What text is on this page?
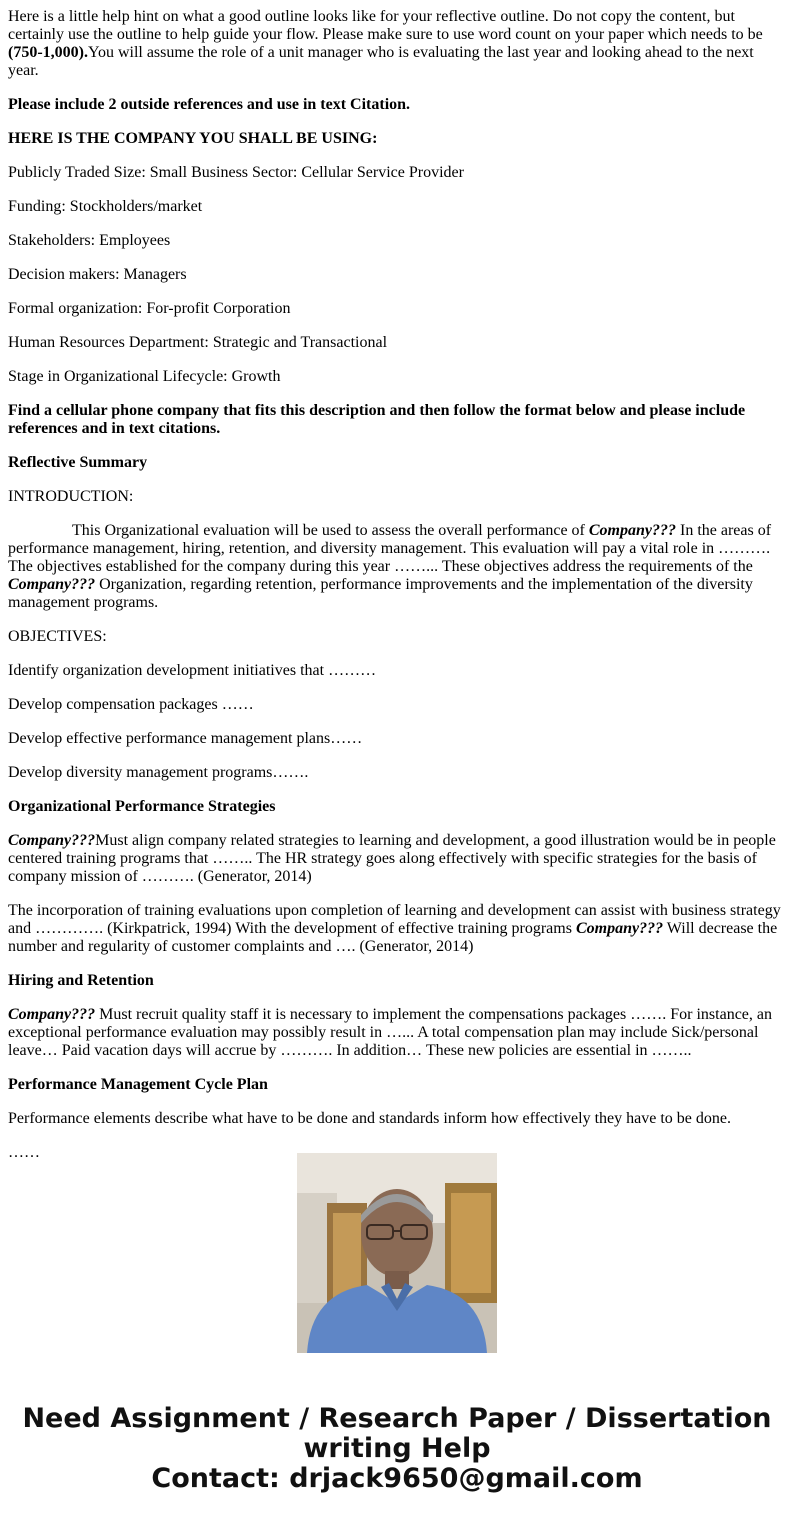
Here is a little help hint on what a good outline looks like for your reflective outline. Do not copy the content, but certainly use the outline to help guide your flow. Please make sure to use word count on your paper which needs to be (750-1,000).You will assume the role of a unit manager who is evaluating the last year and looking ahead to the next year.

Please include 2 outside references and use in text Citation.

HERE IS THE COMPANY YOU SHALL BE USING:

Publicly Traded Size: Small Business Sector: Cellular Service Provider

Funding: Stockholders/market

Stakeholders: Employees

Decision makers: Managers

Formal organization: For-profit Corporation

Human Resources Department: Strategic and Transactional

Stage in Organizational Lifecycle: Growth

Find a cellular phone company that fits this description and then follow the format below and please include references and in text citations.

Reflective Summary

INTRODUCTION:

This Organizational evaluation will be used to assess the overall performance of Company??? In the areas of performance management, hiring, retention, and diversity management. This evaluation will pay a vital role in ………. The objectives established for the company during this year ……... These objectives address the requirements of the Company??? Organization, regarding retention, performance improvements and the implementation of the diversity management programs.

OBJECTIVES:

Identify organization development initiatives that ………

Develop compensation packages ……

Develop effective performance management plans……

Develop diversity management programs…….

Organizational Performance Strategies

Company???Must align company related strategies to learning and development, a good illustration would be in people centered training programs that …….. The HR strategy goes along effectively with specific strategies for the basis of company mission of ………. (Generator, 2014)

The incorporation of training evaluations upon completion of learning and development can assist with business strategy and …………. (Kirkpatrick, 1994) With the development of effective training programs Company??? Will decrease the number and regularity of customer complaints and …. (Generator, 2014)

Hiring and Retention

Company??? Must recruit quality staff it is necessary to implement the compensations packages ……. For instance, an exceptional performance evaluation may possibly result in …... A total compensation plan may include Sick/personal leave… Paid vacation days will accrue by ………. In addition… These new policies are essential in ……..

Performance Management Cycle Plan

Performance elements describe what have to be done and standards inform how effectively they have to be done.

……

Need Assignment / Research Paper / Dissertation
writing Help
Contact: drjack9650@gmail.com
